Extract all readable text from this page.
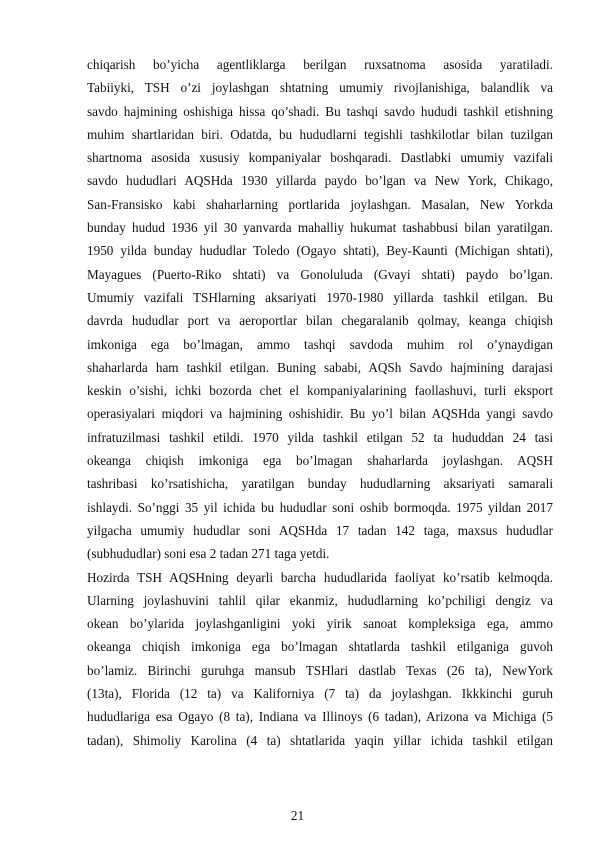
chiqarish bo’yicha agentliklarga berilgan ruxsatnoma asosida yaratiladi.
Tabiiyki, TSH o’zi joylashgan shtatning umumiy rivojlanishiga, balandlik va
savdo hajmining oshishiga hissa qo’shadi. Bu tashqi savdo hududi tashkil etishning
muhim shartlaridan biri. Odatda, bu hududlarni tegishli tashkilotlar bilan tuzilgan
shartnoma asosida xususiy kompaniyalar boshqaradi. Dastlabki umumiy vazifali
savdo hududlari AQSHda 1930 yillarda paydo bo’lgan va New York, Chikago,
San-Fransisko kabi shaharlarning portlarida joylashgan. Masalan, New Yorkda
bunday hudud 1936 yil 30 yanvarda mahalliy hukumat tashabbusi bilan yaratilgan.
1950 yilda bunday hududlar Toledo (Ogayo shtati), Bey-Kaunti (Michigan shtati),
Mayagues (Puerto-Riko shtati) va Gonoluluda (Gvayi shtati) paydo bo’lgan.
Umumiy vazifali TSHlarning aksariyati 1970-1980 yillarda tashkil etilgan. Bu
davrda hududlar port va aeroportlar bilan chegaralanib qolmay, keanga chiqish
imkoniga ega bo’lmagan, ammo tashqi savdoda muhim rol o’ynaydigan
shaharlarda ham tashkil etilgan. Buning sababi, AQSh Savdo hajmining darajasi
keskin o’sishi, ichki bozorda chet el kompaniyalarining faollashuvi, turli eksport
operasiyalari miqdori va hajmining oshishidir. Bu yo’l bilan AQSHda yangi savdo
infratuzilmasi tashkil etildi. 1970 yilda tashkil etilgan 52 ta hududdan 24 tasi
okeanga chiqish imkoniga ega bo’lmagan shaharlarda joylashgan. AQSH
tashribasi ko’rsatishicha, yaratilgan bunday hududlarning aksariyati samarali
ishlaydi. So’nggi 35 yil ichida bu hududlar soni oshib bormoqda. 1975 yildan 2017
yilgacha umumiy hududlar soni AQSHda 17 tadan 142 taga, maxsus hududlar
(subhududlar) soni esa 2 tadan 271 taga yetdi.
Hozirda TSH AQSHning deyarli barcha hududlarida faoliyat ko’rsatib kelmoqda.
Ularning joylashuvini tahlil qilar ekanmiz, hududlarning ko’pchiligi dengiz va
okean bo’ylarida joylashganligini yoki yirik sanoat kompleksiga ega, ammo
okeanga chiqish imkoniga ega bo’lmagan shtatlarda tashkil etilganiga guvoh
bo’lamiz. Birinchi guruhga mansub TSHlari dastlab Texas (26 ta), NewYork
(13ta), Florida (12 ta) va Kaliforniya (7 ta) da joylashgan. Ikkkinchi guruh
hududlariga esa Ogayo (8 ta), Indiana va Illinoys (6 tadan), Arizona va Michiga (5
tadan), Shimoliy Karolina (4 ta) shtatlarida yaqin yillar ichida tashkil etilgan
21
